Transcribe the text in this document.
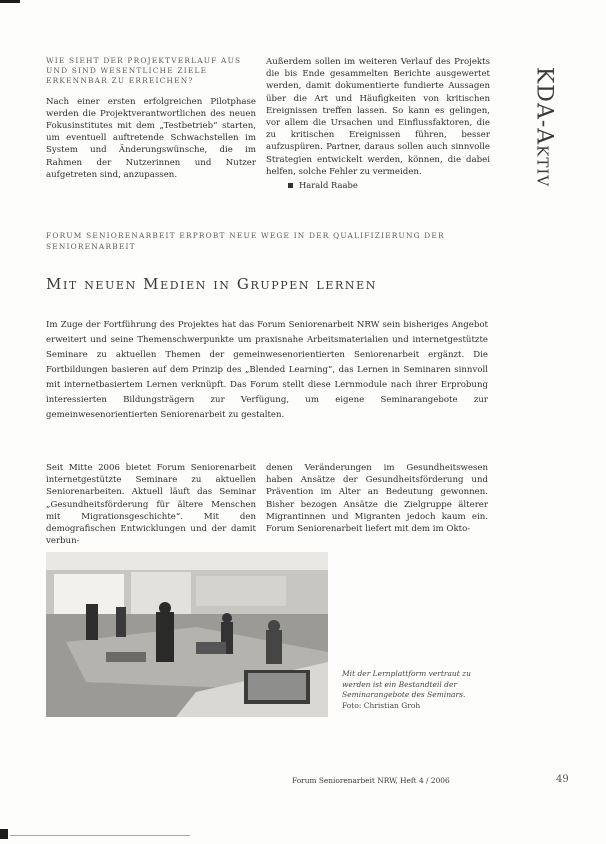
KDA-Aktiv
WIE SIEHT DER PROJEKTVERLAUF AUS UND SIND WESENTLICHE ZIELE ERKENNBAR ZU ERREICHEN?

Nach einer ersten erfolgreichen Pilotphase werden die Projektverantwortlichen des neuen Fokusinstitutes mit dem „Testbetrieb“ starten, um eventuell auftretende Schwachstellen im System und Änderungswünsche, die im Rahmen der Nutzerinnen und Nutzer aufgetreten sind, anzupassen.

Außerdem sollen im weiteren Verlauf des Projekts die bis Ende gesammelten Berichte ausgewertet werden, damit dokumentierte fundierte Aussagen über die Art und Häufigkeiten von kritischen Ereignissen treffen lassen. So kann es gelingen, vor allem die Ursachen und Einflussfaktoren, die zu kritischen Ereignissen führen, besser aufzuspüren. Partner, daraus sollen auch sinnvolle Strategien entwickelt werden, können, die dabei helfen, solche Fehler zu vermeiden.

Harald Raabe
FORUM SENIORENARBEIT ERPROBT NEUE WEGE IN DER QUALIFIZIERUNG DER SENIORENARBEIT
Mit neuen Medien in Gruppen lernen

Im Zuge der Fortführung des Projektes hat das Forum Seniorenarbeit NRW sein bisheriges Angebot erweitert und seine Themenschwerpunkte um praxisnahe Arbeitsmaterialien und internetgestützte Seminare zu aktuellen Themen der gemeinwesenorientierten Seniorenarbeit ergänzt. Die Fortbildungen basieren auf dem Prinzip des „Blended Learning“, das Lernen in Seminaren sinnvoll mit internetbasiertem Lernen verknüpft. Das Forum stellt diese Lernmodule nach ihrer Erprobung interessierten Bildungsträgern zur Verfügung, um eigene Seminarangebote zur gemeinwesenorientierten Seniorenarbeit zu gestalten.

Seit Mitte 2006 bietet Forum Seniorenarbeit internetgestützte Seminare zu aktuellen Seniorenarbeiten. Aktuell läuft das Seminar „Gesundheitsförderung für ältere Menschen mit Migrationsgeschichte“. Mit den demografischen Entwicklungen und der damit verbun-

denen Veränderungen im Gesundheitswesen haben Ansätze der Gesundheitsförderung und Prävention im Alter an Bedeutung gewonnen. Bisher bezogen Ansätze die Zielgruppe älterer Migrantinnen und Migranten jedoch kaum ein. Forum Seniorenarbeit liefert mit dem im Okto-

Mit der Lernplattform vertraut zu werden ist ein Bestandteil der Seminarangebote des Seminars.
Foto: Christian Groh
Forum Seniorenarbeit NRW, Heft 4 / 2006	49
